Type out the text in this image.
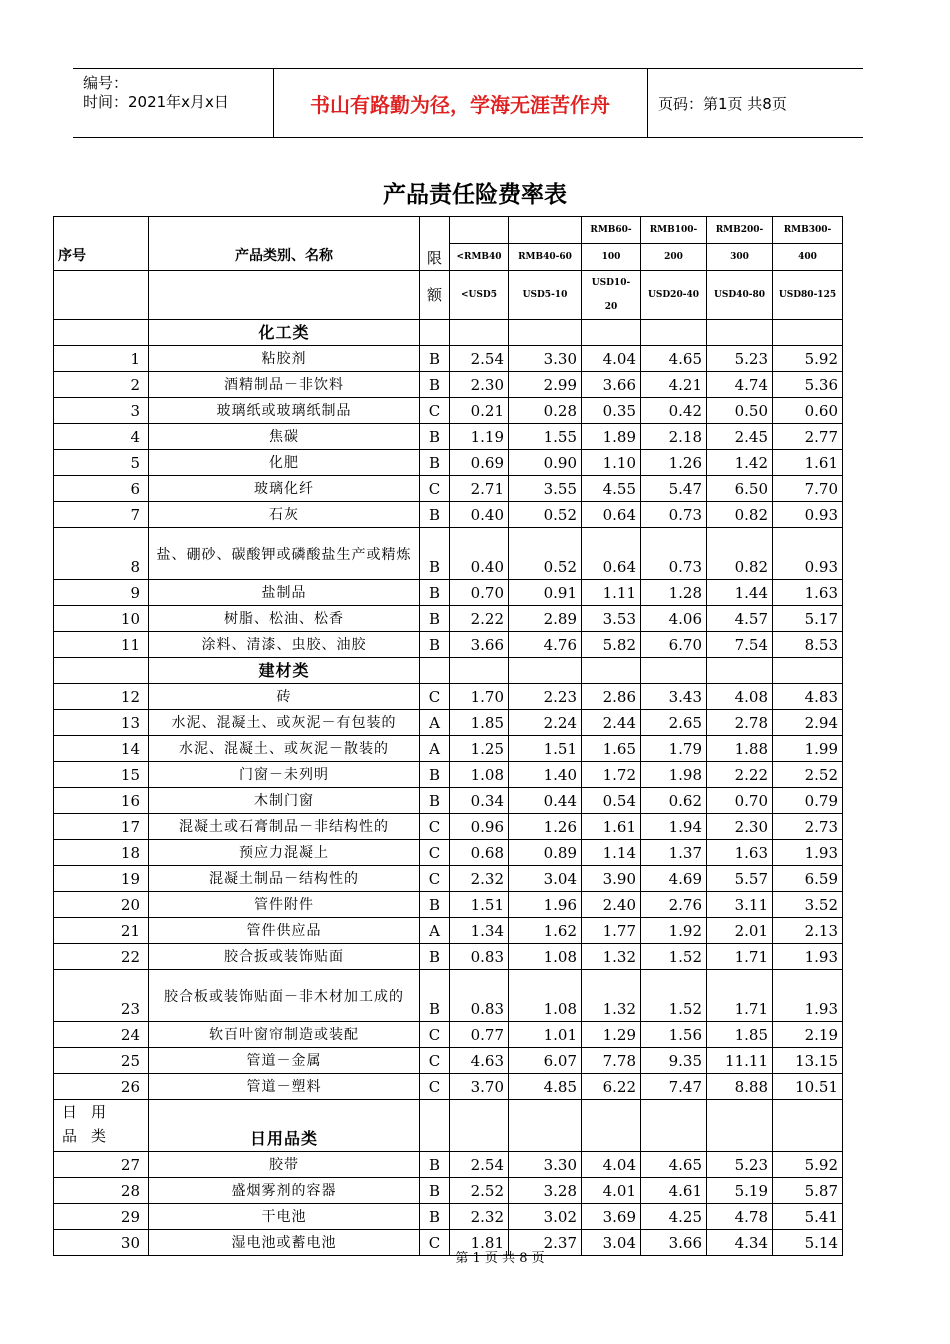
编号：
时间：2021年x月x日	书山有路勤为径，学海无涯苦作舟	页码：第1页 共8页
产品责任险费率表
序号	产品类别、名称	限			RMB60-	RMB100-	RMB200-	RMB300-
			<RMB40	RMB40-60	100	200	300	400
		额	<USD5	USD5-10	USD10-20	USD20-40	USD40-80	USD80-125
	化工类							
1	粘胶剂	B	2.54	3.30	4.04	4.65	5.23	5.92
2	酒精制品－非饮料	B	2.30	2.99	3.66	4.21	4.74	5.36
3	玻璃纸或玻璃纸制品	C	0.21	0.28	0.35	0.42	0.50	0.60
4	焦碳	B	1.19	1.55	1.89	2.18	2.45	2.77
5	化肥	B	0.69	0.90	1.10	1.26	1.42	1.61
6	玻璃化纤	C	2.71	3.55	4.55	5.47	6.50	7.70
7	石灰	B	0.40	0.52	0.64	0.73	0.82	0.93
8	盐、硼砂、碳酸钾或磷酸盐生产或精炼	B	0.40	0.52	0.64	0.73	0.82	0.93
9	盐制品	B	0.70	0.91	1.11	1.28	1.44	1.63
10	树脂、松油、松香	B	2.22	2.89	3.53	4.06	4.57	5.17
11	涂料、清漆、虫胶、油胶	B	3.66	4.76	5.82	6.70	7.54	8.53
	建材类							
12	砖	C	1.70	2.23	2.86	3.43	4.08	4.83
13	水泥、混凝土、或灰泥－有包装的	A	1.85	2.24	2.44	2.65	2.78	2.94
14	水泥、混凝土、或灰泥－散装的	A	1.25	1.51	1.65	1.79	1.88	1.99
15	门窗－未列明	B	1.08	1.40	1.72	1.98	2.22	2.52
16	木制门窗	B	0.34	0.44	0.54	0.62	0.70	0.79
17	混凝土或石膏制品－非结构性的	C	0.96	1.26	1.61	1.94	2.30	2.73
18	预应力混凝上	C	0.68	0.89	1.14	1.37	1.63	1.93
19	混凝土制品－结构性的	C	2.32	3.04	3.90	4.69	5.57	6.59
20	管件附件	B	1.51	1.96	2.40	2.76	3.11	3.52
21	管件供应品	A	1.34	1.62	1.77	1.92	2.01	2.13
22	胶合扳或装饰贴面	B	0.83	1.08	1.32	1.52	1.71	1.93
23	胶合板或装饰贴面－非木材加工成的	B	0.83	1.08	1.32	1.52	1.71	1.93
24	软百叶窗帘制造或装配	C	0.77	1.01	1.29	1.56	1.85	2.19
25	管道－金属	C	4.63	6.07	7.78	9.35	11.11	13.15
26	管道－塑料	C	3.70	4.85	6.22	7.47	8.88	10.51
日用品类	日用品类							
27	胶带	B	2.54	3.30	4.04	4.65	5.23	5.92
28	盛烟雾剂的容器	B	2.52	3.28	4.01	4.61	5.19	5.87
29	干电池	B	2.32	3.02	3.69	4.25	4.78	5.41
30	湿电池或蓄电池	C	1.81	2.37	3.04	3.66	4.34	5.14
第 1 页 共 8 页
